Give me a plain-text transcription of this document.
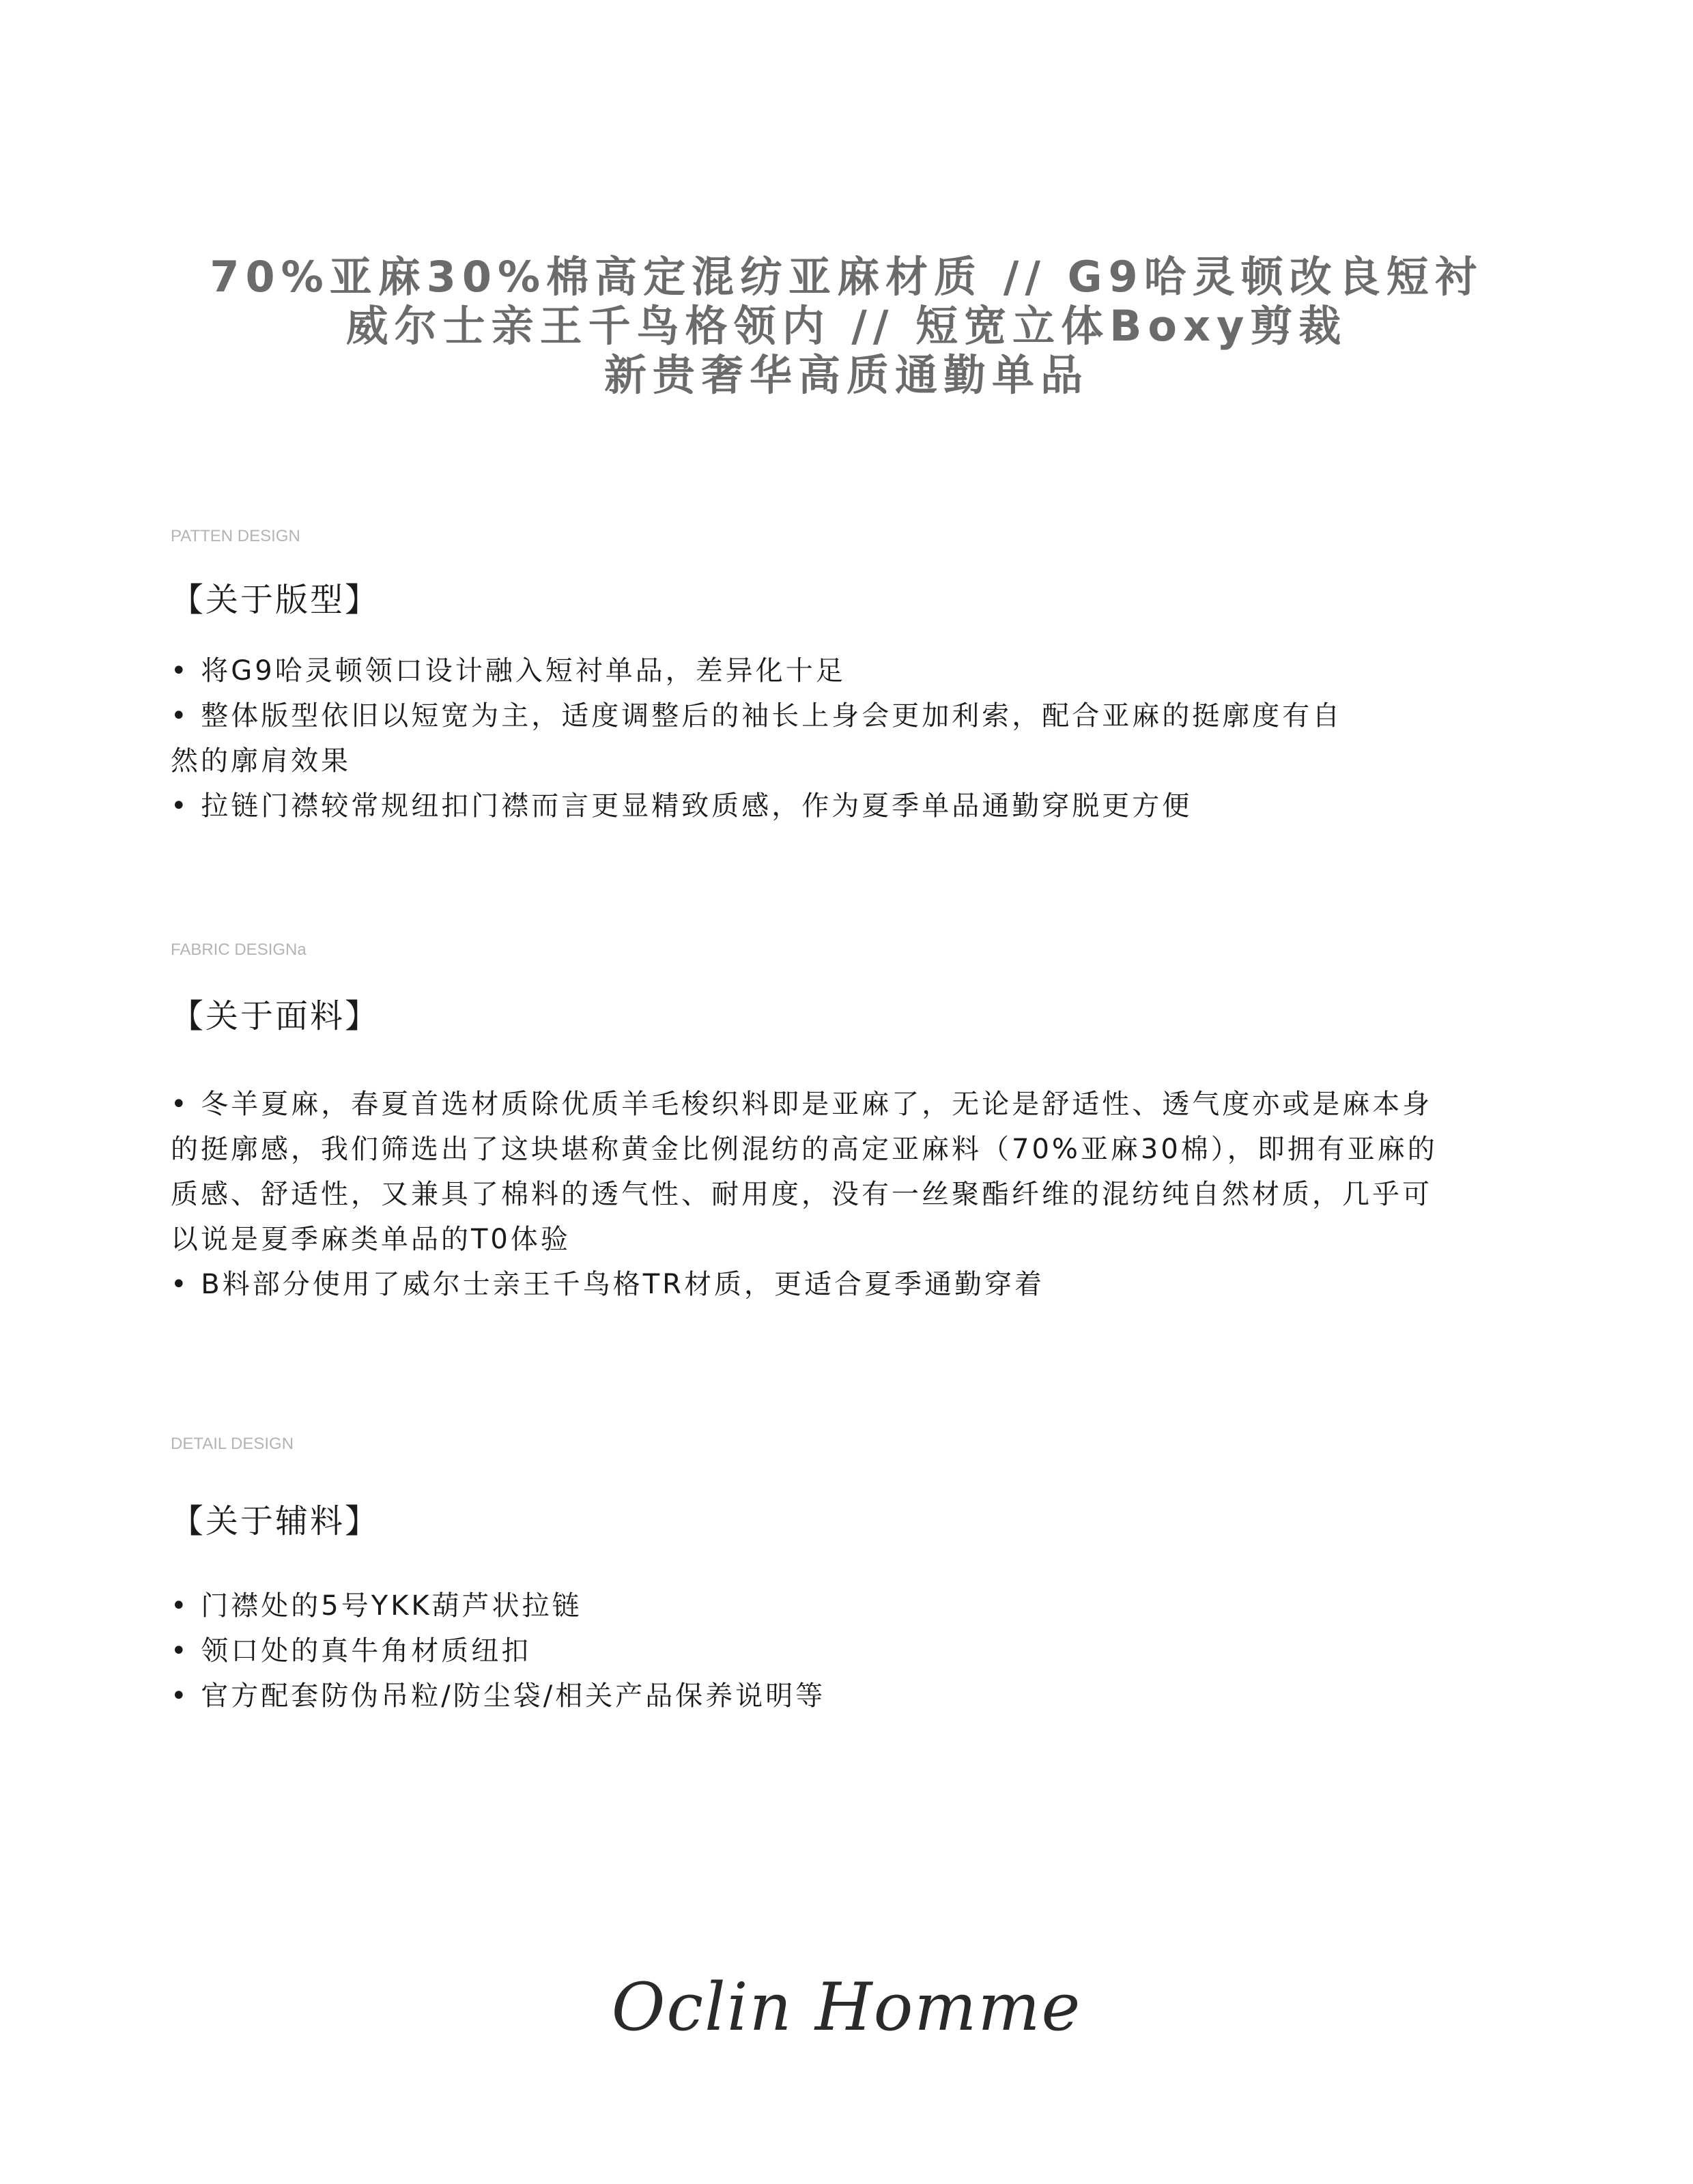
70%亚麻30%棉高定混纺亚麻材质 // G9哈灵顿改良短衬
威尔士亲王千鸟格领内 // 短宽立体Boxy剪裁
新贵奢华高质通勤单品
PATTEN DESIGN
【关于版型】
• 将G9哈灵顿领口设计融入短衬单品，差异化十足
• 整体版型依旧以短宽为主，适度调整后的袖长上身会更加利索，配合亚麻的挺廓度有自
然的廓肩效果
• 拉链门襟较常规纽扣门襟而言更显精致质感，作为夏季单品通勤穿脱更方便
FABRIC DESIGNa
【关于面料】
• 冬羊夏麻，春夏首选材质除优质羊毛梭织料即是亚麻了，无论是舒适性、透气度亦或是麻本身
的挺廓感，我们筛选出了这块堪称黄金比例混纺的高定亚麻料（70%亚麻30棉），即拥有亚麻的
质感、舒适性，又兼具了棉料的透气性、耐用度，没有一丝聚酯纤维的混纺纯自然材质，几乎可
以说是夏季麻类单品的T0体验
• B料部分使用了威尔士亲王千鸟格TR材质，更适合夏季通勤穿着
DETAIL DESIGN
【关于辅料】
• 门襟处的5号YKK葫芦状拉链
• 领口处的真牛角材质纽扣
• 官方配套防伪吊粒/防尘袋/相关产品保养说明等
Oclin Homme
